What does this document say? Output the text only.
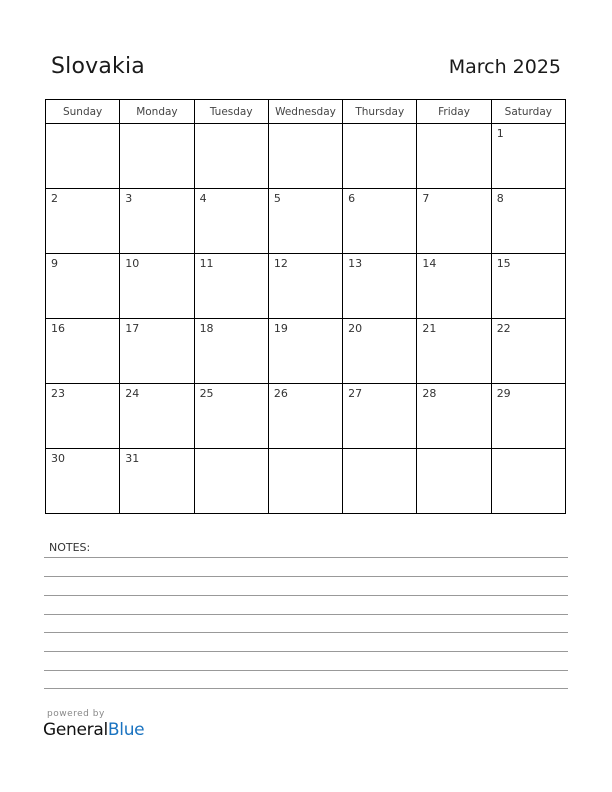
Slovakia	March 2025
Sunday	Monday	Tuesday	Wednesday	Thursday	Friday	Saturday

						1

2	3	4	5	6	7	8

9	10	11	12	13	14	15

16	17	18	19	20	21	22

23	24	25	26	27	28	29

30	31					

NOTES:
powered by
GeneralBlue
